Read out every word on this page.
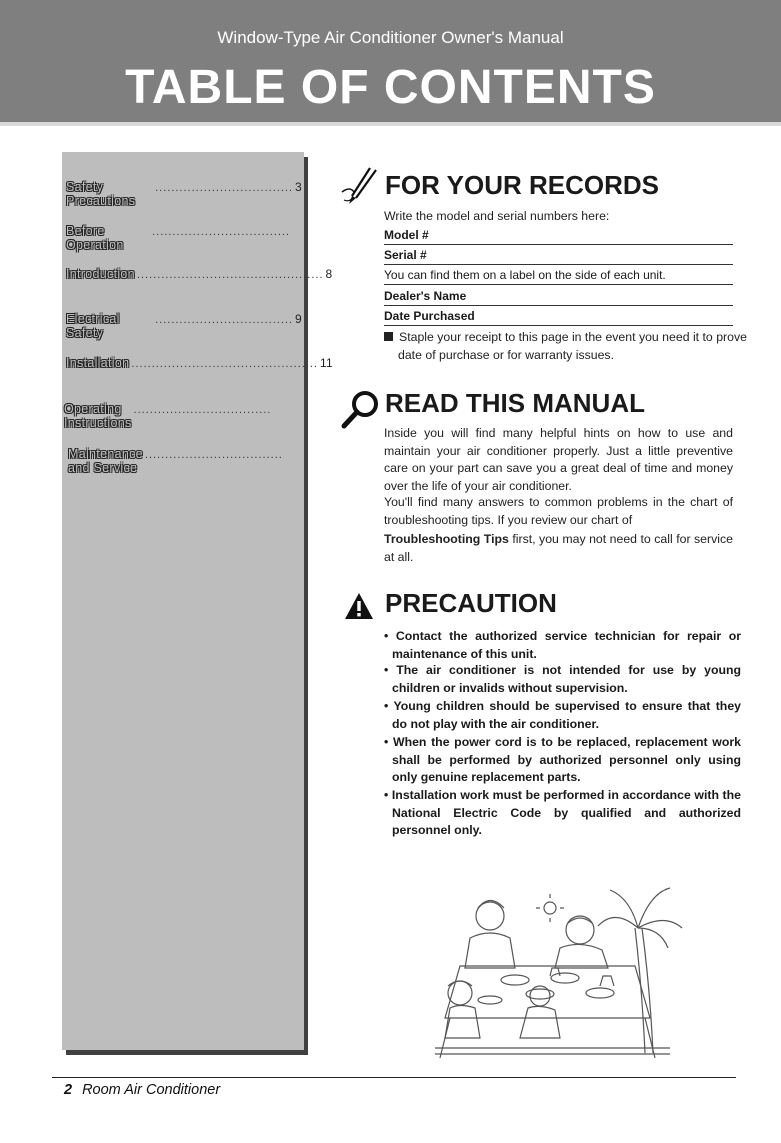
Window-Type Air Conditioner Owner's Manual
TABLE OF CONTENTS
Safety Precautions
.................................. 3
Before Operation
..................................
Introduction .............................................. 8
Electrical Safety
.................................. 9
Installation .............................................. 11
Operating Instructions
..................................
Maintenance and Service
..................................
FOR YOUR RECORDS
Write the model and serial numbers here:
Model #
Serial #
You can find them on a label on the side of each unit.
Dealer's Name
Date Purchased
Staple your receipt to this page in the event you need it to prove date of purchase or for warranty issues.
READ THIS MANUAL
Inside you will find many helpful hints on how to use and maintain your air conditioner properly. Just a little preventive care on your part can save you a great deal of time and money over the life of your air conditioner.
You'll find many answers to common problems in the chart of troubleshooting tips. If you review our chart of
Troubleshooting Tips first, you may not need to call for service at all.
PRECAUTION
• Contact the authorized service technician for repair or maintenance of this unit.
• The air conditioner is not intended for use by young children or invalids without supervision.
• Young children should be supervised to ensure that they do not play with the air conditioner.
• When the power cord is to be replaced, replacement work shall be performed by authorized personnel only using only genuine replacement parts.
• Installation work must be performed in accordance with the National Electric Code by qualified and authorized personnel only.
2 Room Air Conditioner
